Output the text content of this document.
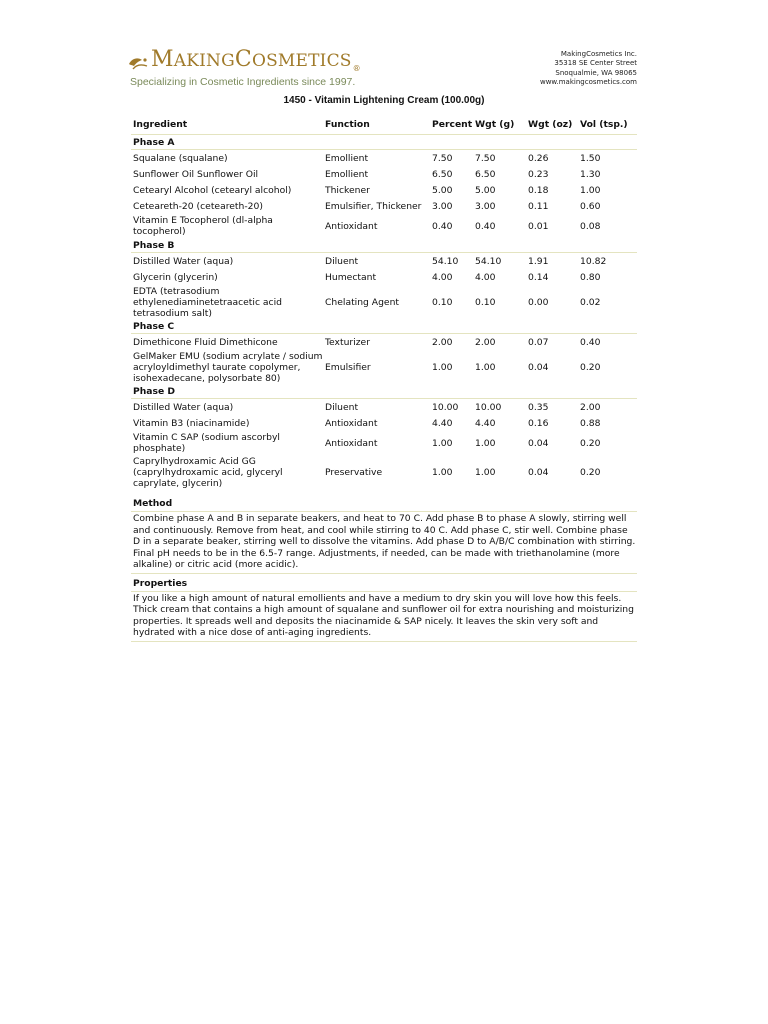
MAKINGCOSMETICS ®
Specializing in Cosmetic Ingredients since 1997.
MakingCosmetics Inc.
35318 SE Center Street
Snoqualmie, WA 98065
www.makingcosmetics.com
1450 - Vitamin Lightening Cream (100.00g)
Ingredient	Function	Percent	Wgt (g)	Wgt (oz)	Vol (tsp.)
Phase A					
Squalane (squalane)	Emollient	7.50	7.50	0.26	1.50
Sunflower Oil Sunflower Oil	Emollient	6.50	6.50	0.23	1.30
Cetearyl Alcohol (cetearyl alcohol)	Thickener	5.00	5.00	0.18	1.00
Ceteareth-20 (ceteareth-20)	Emulsifier, Thickener	3.00	3.00	0.11	0.60
Vitamin E Tocopherol (dl-alpha tocopherol)	Antioxidant	0.40	0.40	0.01	0.08
Phase B					
Distilled Water (aqua)	Diluent	54.10	54.10	1.91	10.82
Glycerin (glycerin)	Humectant	4.00	4.00	0.14	0.80
EDTA (tetrasodium ethylenediaminetetraacetic acid tetrasodium salt)	Chelating Agent	0.10	0.10	0.00	0.02
Phase C					
Dimethicone Fluid Dimethicone	Texturizer	2.00	2.00	0.07	0.40
GelMaker EMU (sodium acrylate / sodium acryloyldimethyl taurate copolymer, isohexadecane, polysorbate 80)	Emulsifier	1.00	1.00	0.04	0.20
Phase D					
Distilled Water (aqua)	Diluent	10.00	10.00	0.35	2.00
Vitamin B3 (niacinamide)	Antioxidant	4.40	4.40	0.16	0.88
Vitamin C SAP (sodium ascorbyl phosphate)	Antioxidant	1.00	1.00	0.04	0.20
Caprylhydroxamic Acid GG (caprylhydroxamic acid, glyceryl caprylate, glycerin)	Preservative	1.00	1.00	0.04	0.20
Method
Combine phase A and B in separate beakers, and heat to 70 C. Add phase B to phase A slowly, stirring well and continuously. Remove from heat, and cool while stirring to 40 C. Add phase C, stir well. Combine phase D in a separate beaker, stirring well to dissolve the vitamins. Add phase D to A/B/C combination with stirring. Final pH needs to be in the 6.5-7 range. Adjustments, if needed, can be made with triethanolamine (more alkaline) or citric acid (more acidic).
Properties
If you like a high amount of natural emollients and have a medium to dry skin you will love how this feels. Thick cream that contains a high amount of squalane and sunflower oil for extra nourishing and moisturizing properties. It spreads well and deposits the niacinamide & SAP nicely. It leaves the skin very soft and hydrated with a nice dose of anti-aging ingredients.
